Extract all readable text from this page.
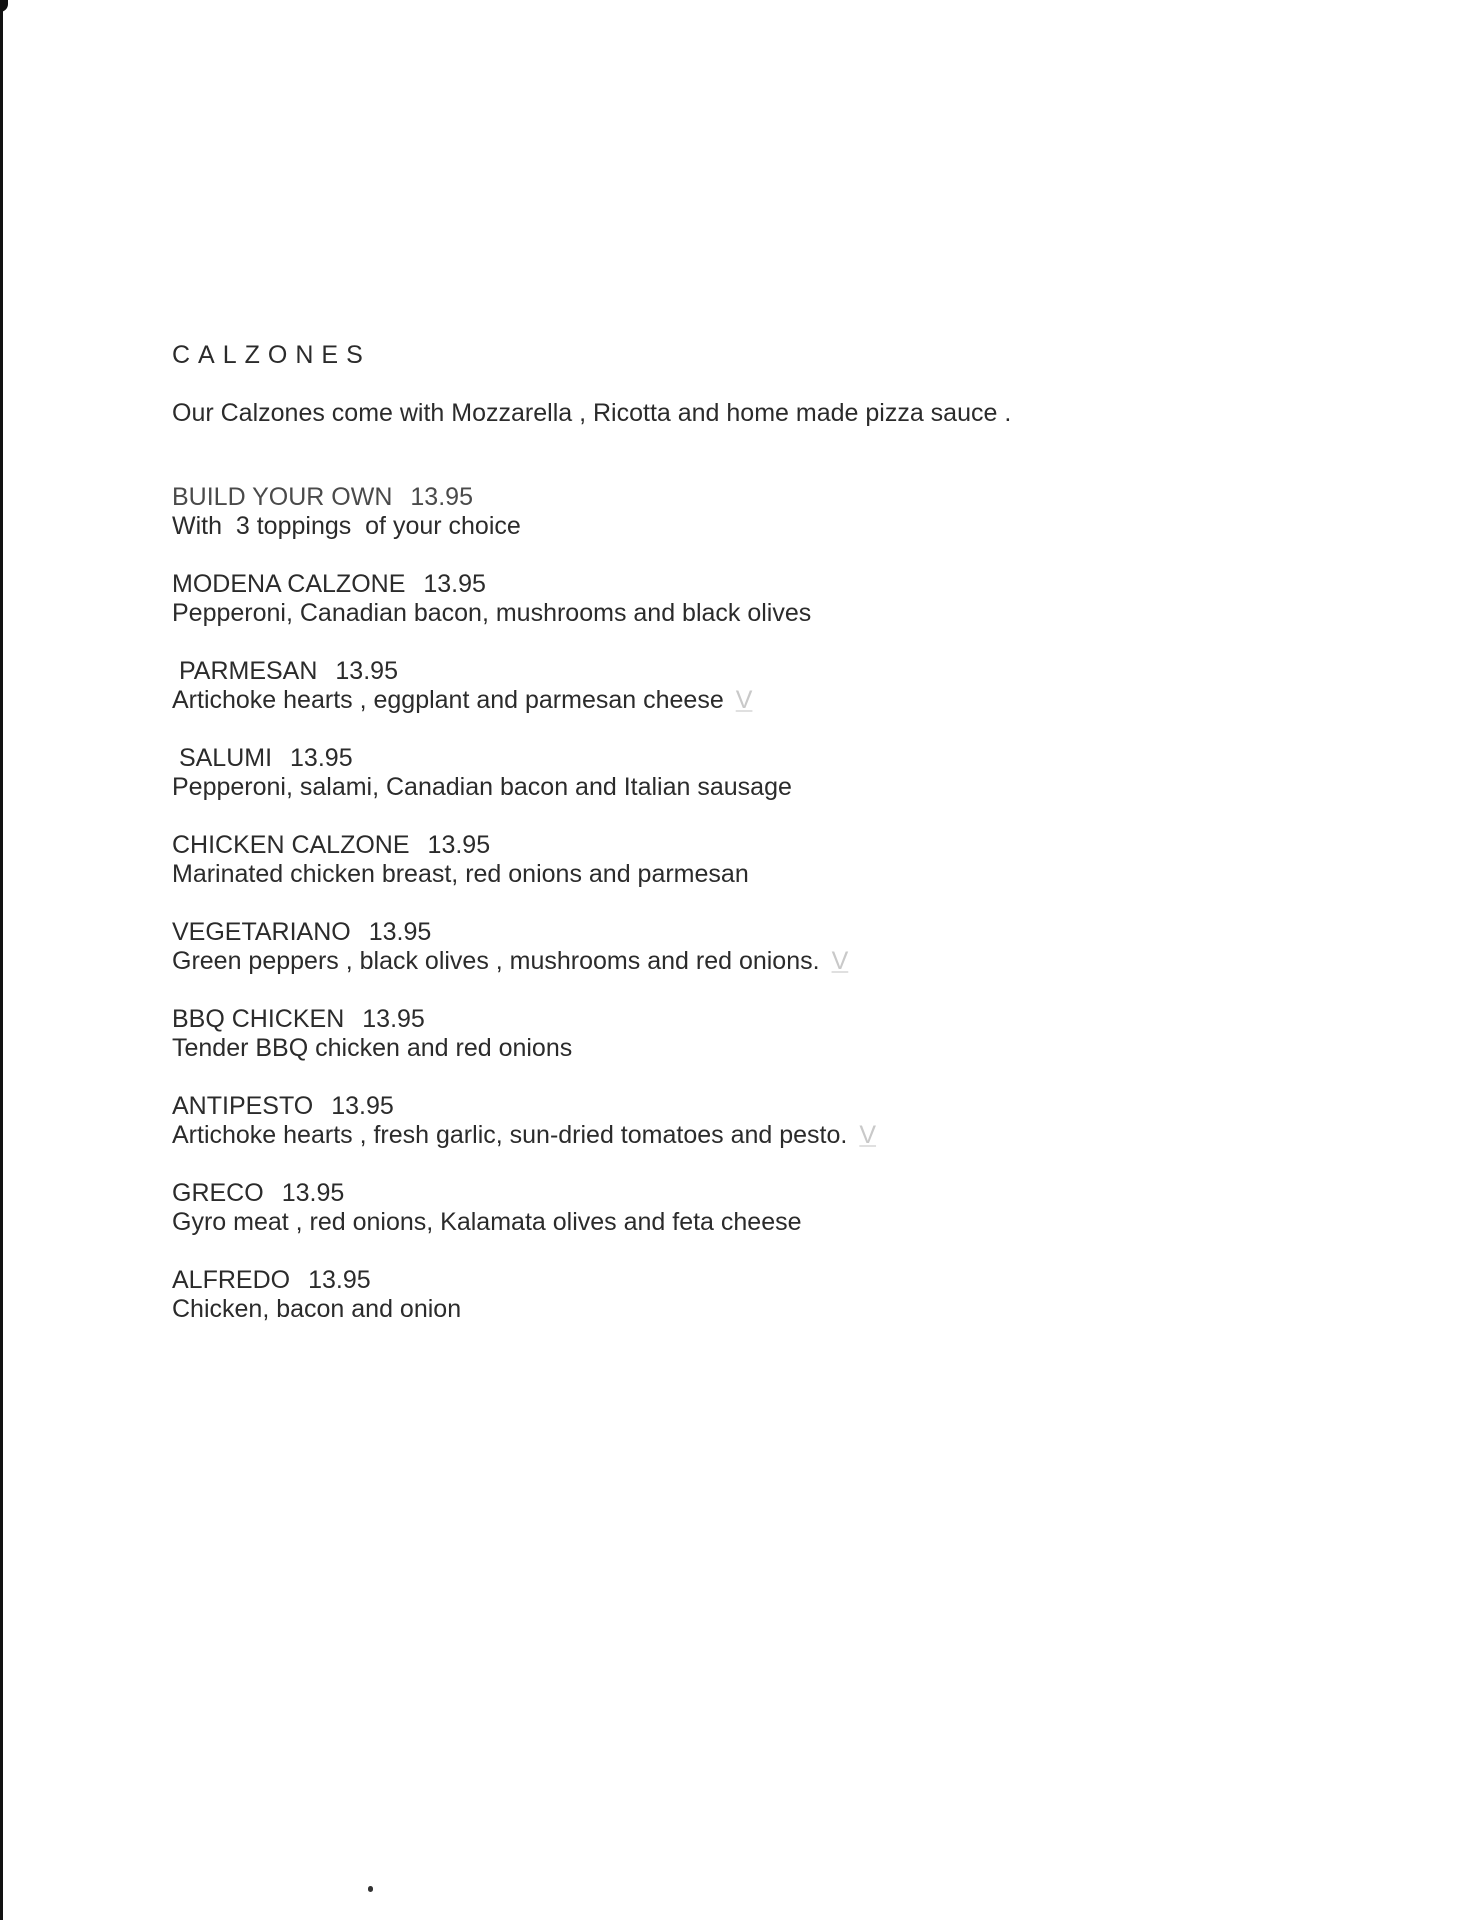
CALZONES
Our Calzones come with Mozzarella , Ricotta and home made pizza sauce .
BUILD YOUR OWN 13.95
With  3 toppings  of your choice
MODENA CALZONE 13.95
Pepperoni, Canadian bacon, mushrooms and black olives
PARMESAN 13.95
Artichoke hearts , eggplant and parmesan cheese V
SALUMI 13.95
Pepperoni, salami, Canadian bacon and Italian sausage
CHICKEN CALZONE 13.95
Marinated chicken breast, red onions and parmesan
VEGETARIANO 13.95
Green peppers , black olives , mushrooms and red onions. V
BBQ CHICKEN 13.95
Tender BBQ chicken and red onions
ANTIPESTO 13.95
Artichoke hearts , fresh garlic, sun-dried tomatoes and pesto. V
GRECO 13.95
Gyro meat , red onions, Kalamata olives and feta cheese
ALFREDO 13.95
Chicken, bacon and onion
